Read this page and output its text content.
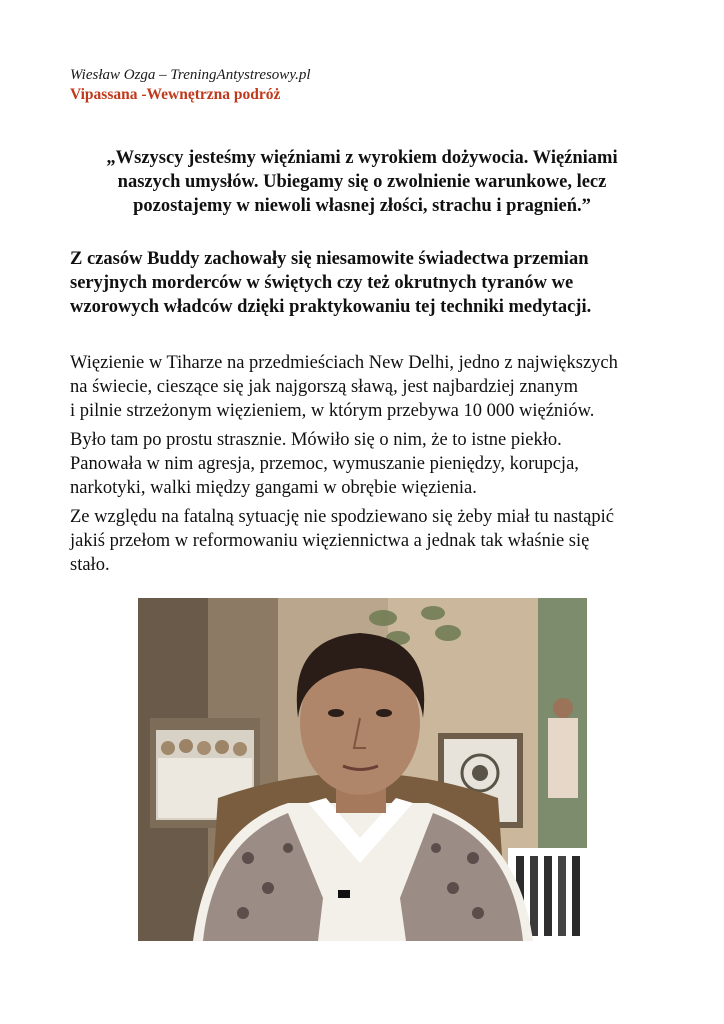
Wiesław Ozga – TreningAntystresowy.pl
Vipassana -Wewnętrzna podróż
„Wszyscy jesteśmy więźniami z wyrokiem dożywocia. Więźniami
naszych umysłów. Ubiegamy się o zwolnienie warunkowe, lecz
pozostajemy w niewoli własnej złości, strachu i pragnień.”
Z czasów Buddy zachowały się niesamowite świadectwa przemian
seryjnych morderców w świętych czy też okrutnych tyranów we
wzorowych władców dzięki praktykowaniu tej techniki medytacji.

Więzienie w Tiharze na przedmieściach New Delhi, jedno z największych
na świecie, cieszące się jak najgorszą sławą, jest najbardziej znanym
i pilnie strzeżonym więzieniem, w którym przebywa 10 000 więźniów.

Było tam po prostu strasznie. Mówiło się o nim, że to istne piekło.
Panowała w nim agresja, przemoc, wymuszanie pieniędzy, korupcja,
narkotyki, walki między gangami w obrębie więzienia.

Ze względu na fatalną sytuację nie spodziewano się żeby miał tu nastąpić
jakiś przełom w reformowaniu więziennictwa a jednak tak właśnie się
stało.
